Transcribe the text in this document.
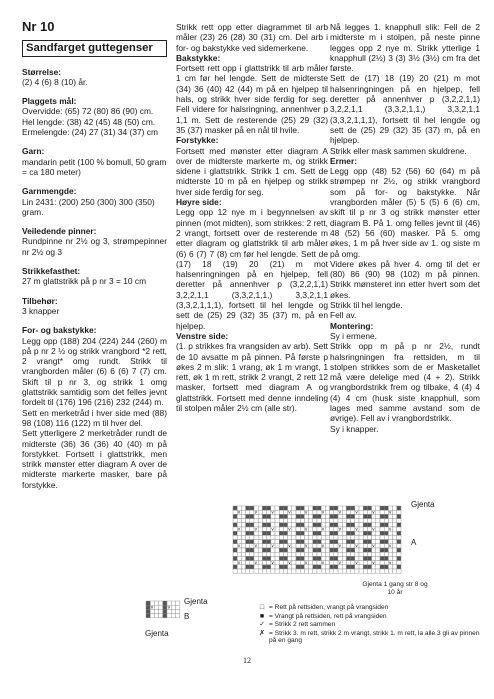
Nr 10
Sandfarget guttegenser
Størrelse:

(2) 4 (6) 8 (10) år.

Plaggets mål:

Overvidde: (65) 72 (80) 86 (90) cm.

Hel lengde: (38) 42 (45) 48 (50) cm.

Ermelengde: (24) 27 (31) 34 (37) cm

Garn:

mandarin petit (100 % bomull, 50 gram = ca 180 meter)

Garnmengde:

Lin 2431: (200) 250 (300) 300 (350) gram.

Veiledende pinner:

Rundpinne nr 2½ og 3, strømpepinner nr 2½ og 3

Strikkefasthet:

27 m glattstrikk på p nr 3 = 10 cm

Tilbehør:

3 knapper

For- og bakstykke:

Legg opp (188) 204 (224) 244 (260) m på p nr 2 ½ og strikk vrangbord *2 rett, 2 vrangt* omg rundt. Strikk til vrangborden måler (6) 6 (6) 7 (7) cm. Skift til p nr 3, og strikk 1 omg glattstrikk samtidig som det felles jevnt fordelt til (176) 196 (216) 232 (244) m.

Sett en merketråd i hver side med (88) 98 (108) 116 (122) m til hver del.

Sett ytterligere 2 merketråder rundt de midterste (36) 36 (36) 40 (40) m på forstykket. Fortsett i glattstrikk, men strikk mønster etter diagram A over de midterste markerte masker, bare på forstykke.

Strikk rett opp etter diagrammet til arb måler (23) 26 (28) 30 (31) cm. Del arb i for- og bakstykke ved sidemerkene.

Bakstykke:

Fortsett rett opp i glattstrikk til arb måler 1 cm før hel lengde. Sett de midterste (34) 36 (40) 42 (44) m på en hjelpep til hals, og strikk hver side ferdig for seg. Fell videre for halsringning, annenhver p 1,1 m. Sett de resterende (25) 29 (32) 35 (37) masker på en nål til hvile.

Forstykke:

Fortsett med mønster etter diagram A over de midterste markerte m, og strikk sidene i glattstrikk. Strikk 1 cm. Sett de midterste 10 m på en hjelpep og strikk hver side ferdig for seg.

Høyre side:

Legg opp 12 nye m i begynnelsen av pinnen (mot midten), som strikkes: 2 rett, 2 vrangt, fortsett over de resterende m etter diagram og glattstrikk til arb måler (6) 6 (7) 7 (8) cm før hel lengde. Sett de (17) 18 (19) 20 (21) m mot halsenringningen på en hjelpep, fell deretter på annenhver p (3,2,2,1,1) 3,2,2,1,1 (3,3,2,1,1,) 3,3,2,1,1 (3,3,2,1,1,1), fortsett til hel lengde og sett de (25) 29 (32) 35 (37) m, på en hjelpep.

Venstre side:

(1. p strikkes fra vrangsiden av arb). Sett de 10 avsatte m på pinnen. På første p økes 2 m slik: 1 vrang, øk 1 m vrangt, 1 rett, øk 1 m rett, strikk 2 vrangt, 2 rett 12 masker, fortsett med diagram A og glattstrikk. Fortsett med denne inndeling til stolpen måler 2½ cm (alle str).

Nå legges 1. knapphull slik: Fell de 2 midterste m i stolpen, på neste pinne legges opp 2 nye m. Strikk ytterlige 1 knapphull (2½) 3 (3) 3½ (3½) cm fra det første.

Sett de (17) 18 (19) 20 (21) m mot halsenringningen på en hjelpep, fell deretter på annenhver p (3,2,2,1,1) 3,2,2,1,1 (3,3,2,1,1,) 3,3,2,1,1 (3,3,2,1,1,1), fortsett til hel lengde og sett de (25) 29 (32) 35 (37) m, på en hjelpep.

Strikk eller mask sammen skuldrene.

Ermer:

Legg opp (48) 52 (56) 60 (64) m på strømpep nr 2½, og strikk vrangbord som på for- og bakstykke. Når vrangborden måler (5) 5 (5) 6 (6) cm, skift til p nr 3 og strikk mønster etter diagram B. På 1. omg felles jevnt til (46) 48 (52) 56 (60) masker. På 5. omg økes, 1 m på hver side av 1. og siste m på omg.

Videre økes på hver 4. omg til det er (80) 86 (90) 98 (102) m på pinnen. Strikk mønsteret inn etter hvert som det økes.

Strikk til hel lengde.

Fell av.

Montering:

Sy i ermene.

Strikk opp m på p nr 2½, rundt halsringningen fra rettsiden, m til stolpen strikkes som de er Masketallet må være delelige med (4 + 2). Strikk vrangbordstrikk frem og tilbake, 4 (4) 4 (4) 4 cm (husk siste knapphull, som lages med samme avstand som de øvrige). Fell av i vrangbordstrikk.

Sy i knapper.

v	v	v	v	v	v	v	v	v	v
v	v	v	v	v	v	v	v	v	v
v	v	v	v	v	v	v	v	v	v
v	v	v	v	v	v	v	v	v	v
Gjenta
A
Gjenta 1 gang str 8 og 10 år
v	v
Gjenta
B
Gjenta
□ = Rett på rettsiden, vrangt på vrangsiden
■ = Vrangt på rettsiden, rett på vrangsiden
✓ = Strikk 2 rett sammen
✗ = Strikk 3. m rett, strikk 2 m vrangt, strikk 1. m rett, la alle 3 gli av pinnen på en gang
12
